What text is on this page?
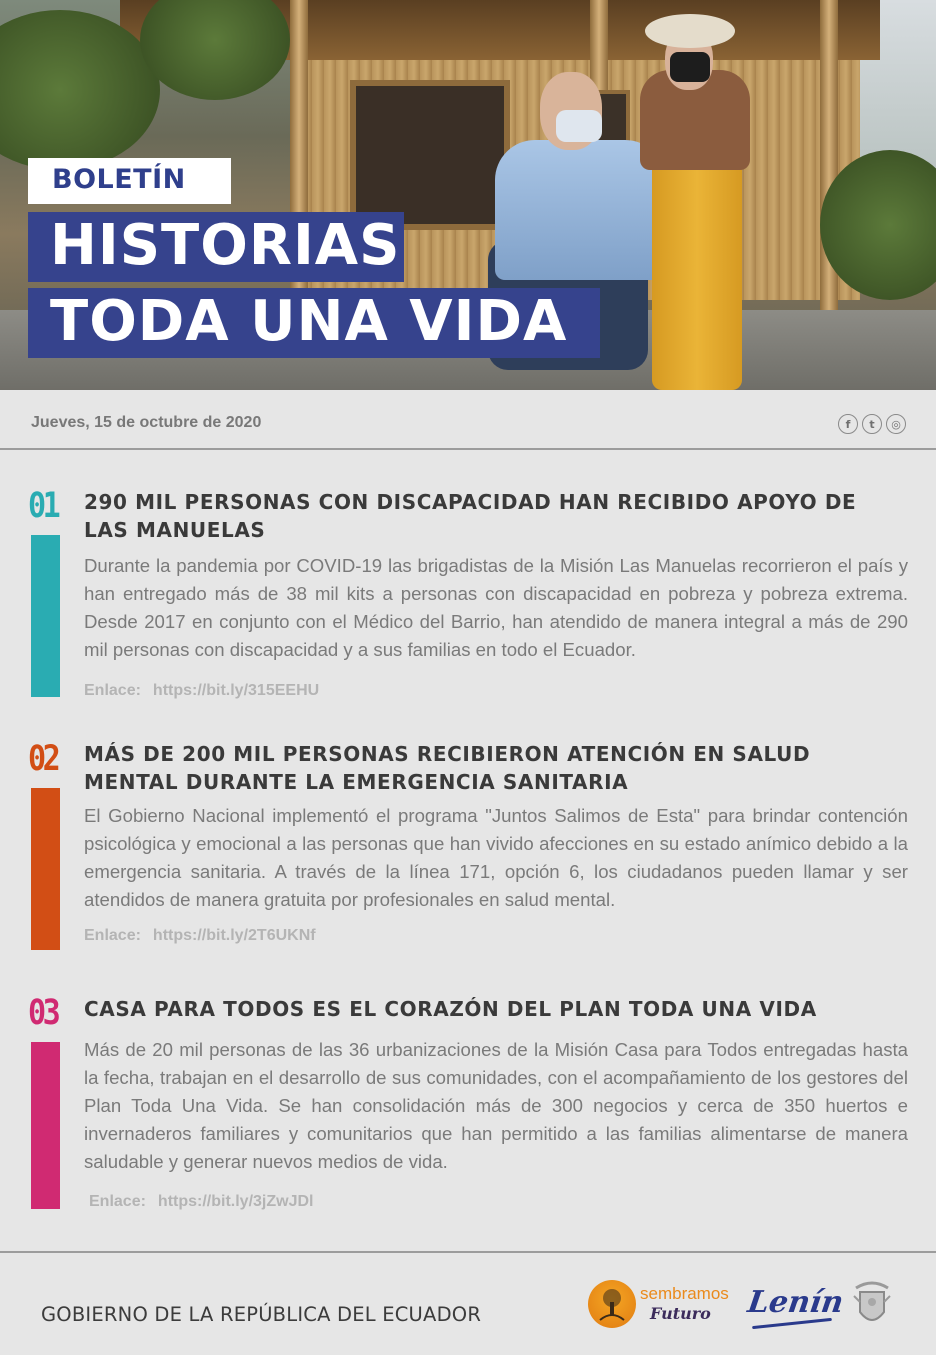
BOLETÍN
HISTORIAS
TODA UNA VIDA
Jueves, 15 de octubre de 2020	f	t	◎
01 290 MIL PERSONAS CON DISCAPACIDAD HAN RECIBIDO APOYO DE LAS MANUELAS
Durante la pandemia por COVID-19 las brigadistas de la Misión Las Manuelas recorrieron el país y han entregado más de 38 mil kits a personas con discapacidad en pobreza y pobreza extrema. Desde 2017 en conjunto con el Médico del Barrio, han atendido de manera integral a más de 290 mil personas con discapacidad y a sus familias en todo el Ecuador.
Enlace: https://bit.ly/315EEHU
02 MÁS DE 200 MIL PERSONAS RECIBIERON ATENCIÓN EN SALUD MENTAL DURANTE LA EMERGENCIA SANITARIA
El Gobierno Nacional implementó el programa "Juntos Salimos de Esta" para brindar contención psicológica y emocional a las personas que han vivido afecciones en su estado anímico debido a la emergencia sanitaria. A través de la línea 171, opción 6, los ciudadanos pueden llamar y ser atendidos de manera gratuita por profesionales en salud mental.
Enlace: https://bit.ly/2T6UKNf
03 CASA PARA TODOS ES EL CORAZÓN DEL PLAN TODA UNA VIDA
Más de 20 mil personas de las 36 urbanizaciones de la Misión Casa para Todos entregadas hasta la fecha, trabajan en el desarrollo de sus comunidades, con el acompañamiento de los gestores del Plan Toda Una Vida. Se han consolidación más de 300 negocios y cerca de 350 huertos e invernaderos familiares y comunitarios que han permitido a las familias alimentarse de manera saludable y generar nuevos medios de vida.
Enlace: https://bit.ly/3jZwJDl
GOBIERNO DE LA REPÚBLICA DEL ECUADOR
sembramos
Futuro Lenín
